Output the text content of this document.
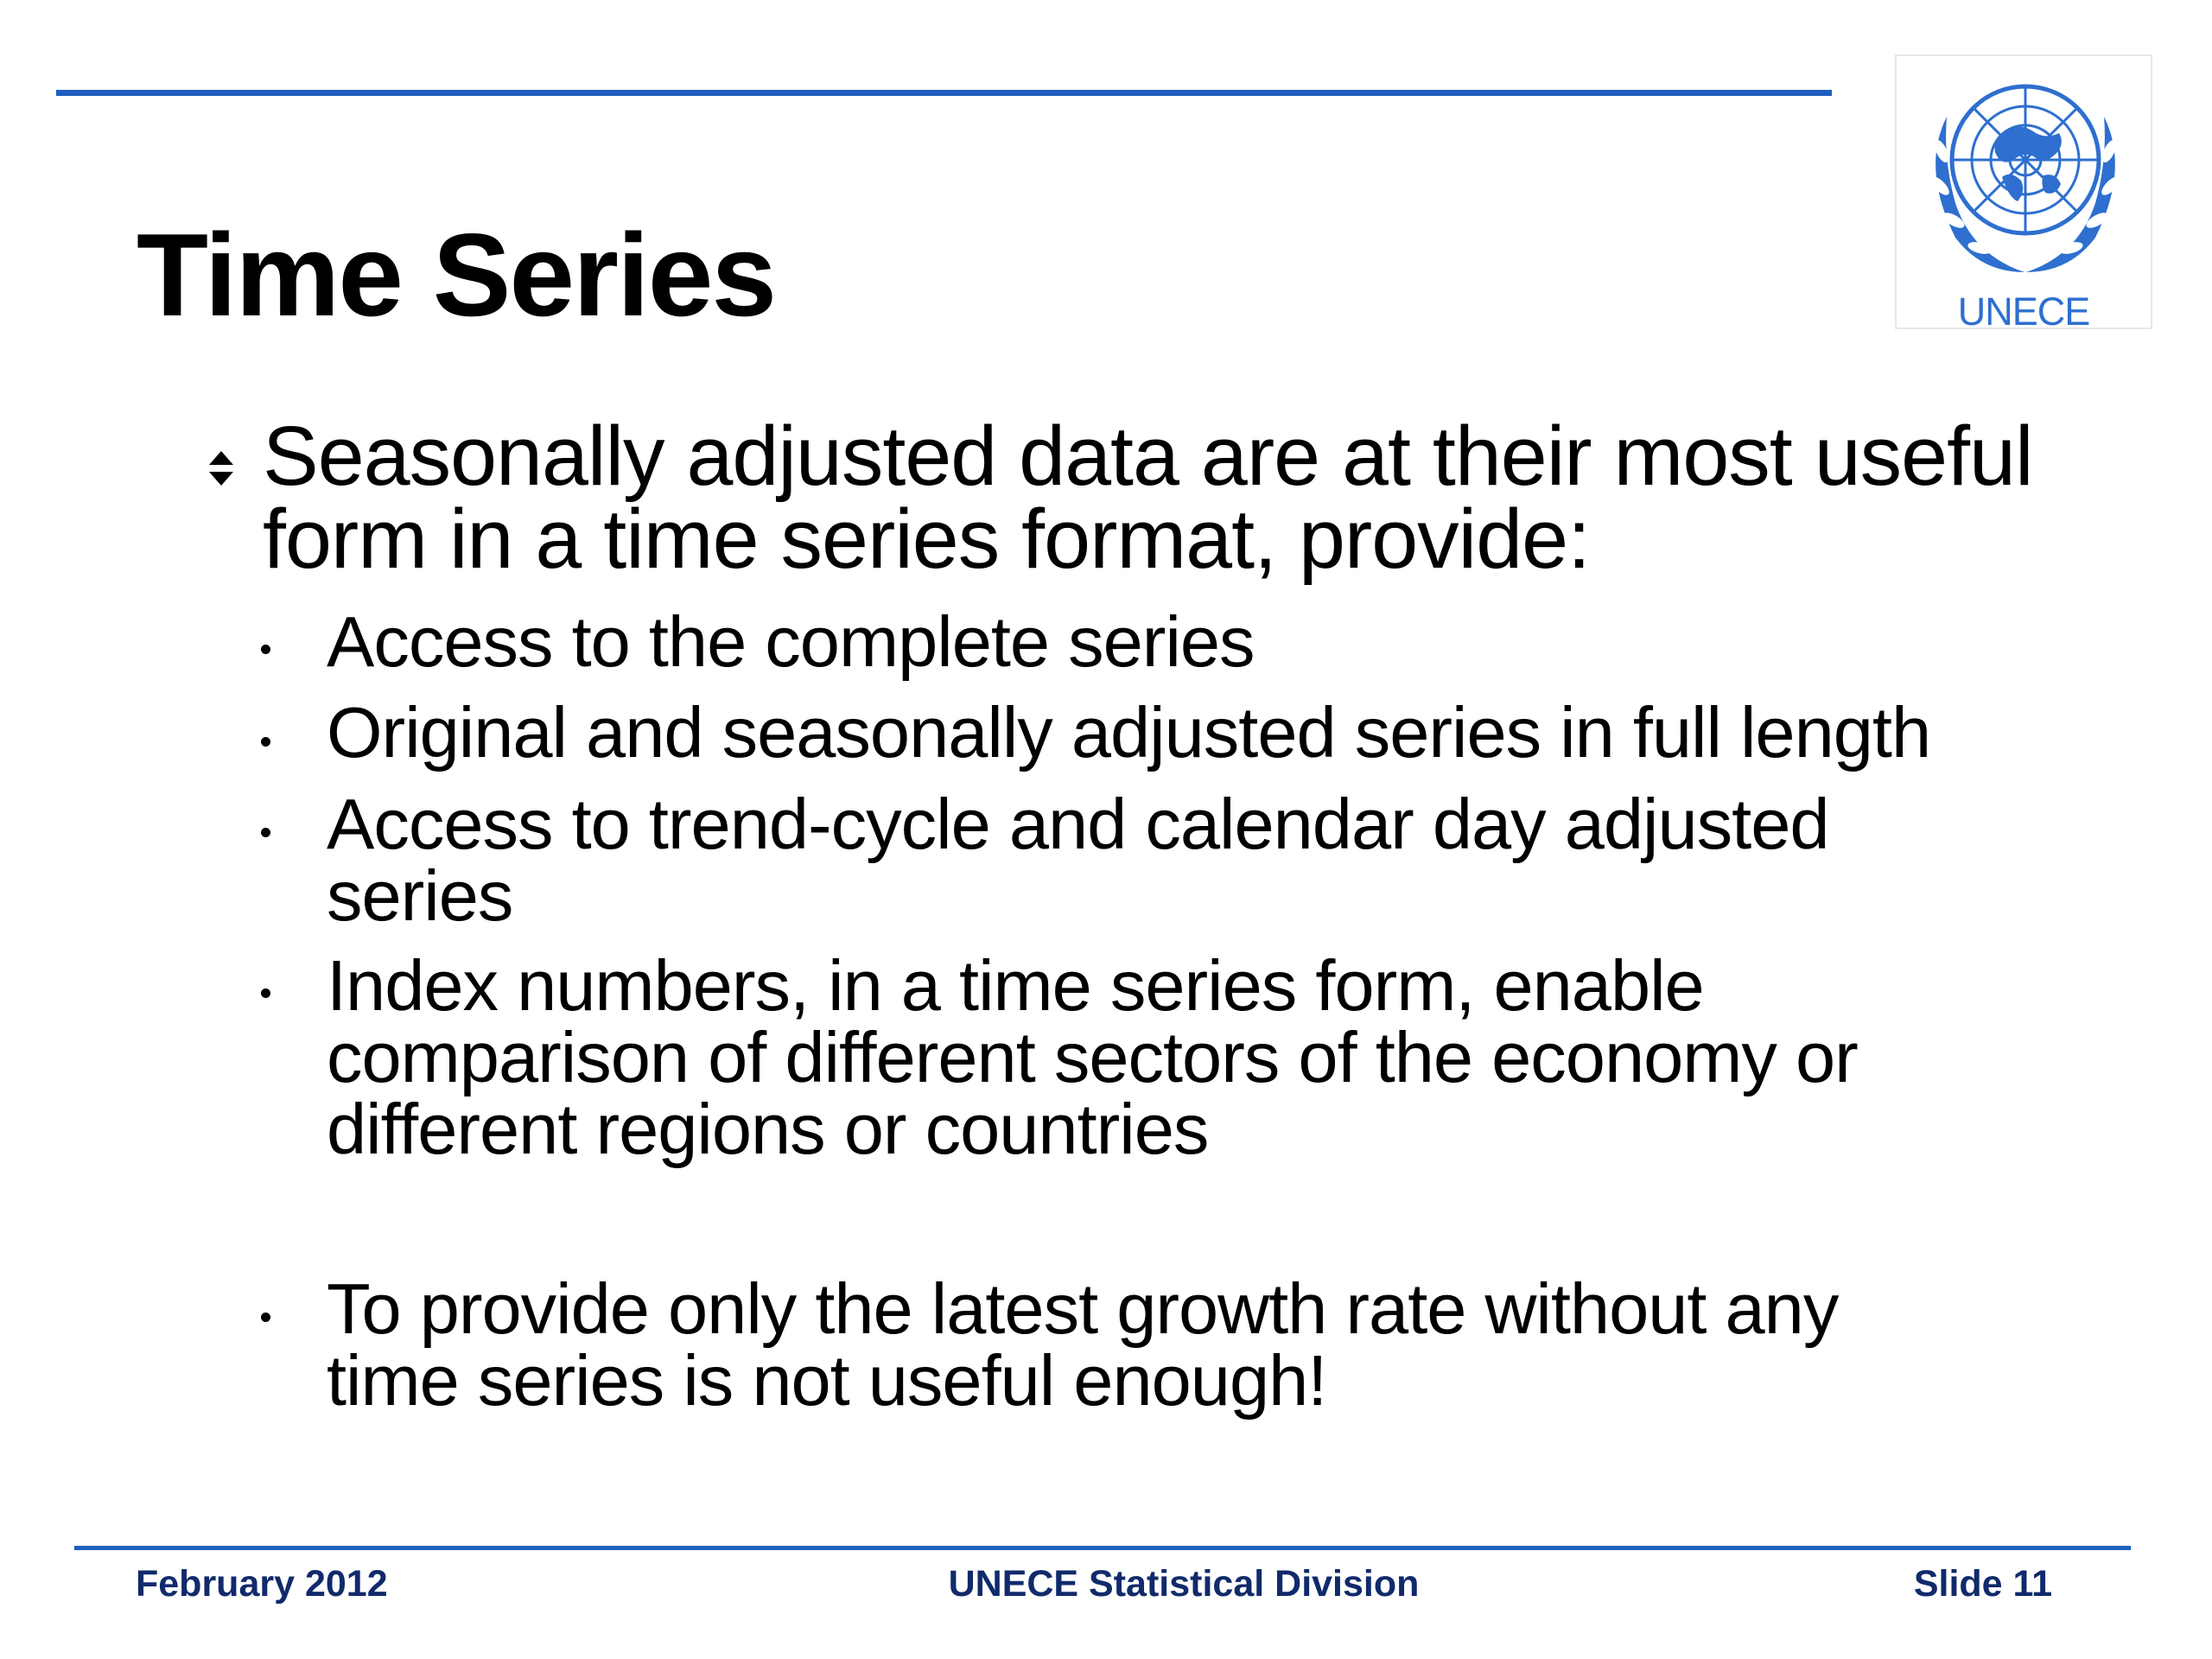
UNECE
Time Series

Seasonally adjusted data are at their most useful form in a time series format, provide:

Access to the complete series

Original and seasonally adjusted series in full length

Access to trend-cycle and calendar day adjusted series

Index numbers, in a time series form, enable comparison of different sectors of the economy or different regions or countries

To provide only the latest growth rate without any time series is not useful enough!

February 2012	UNECE Statistical Division	Slide 11
